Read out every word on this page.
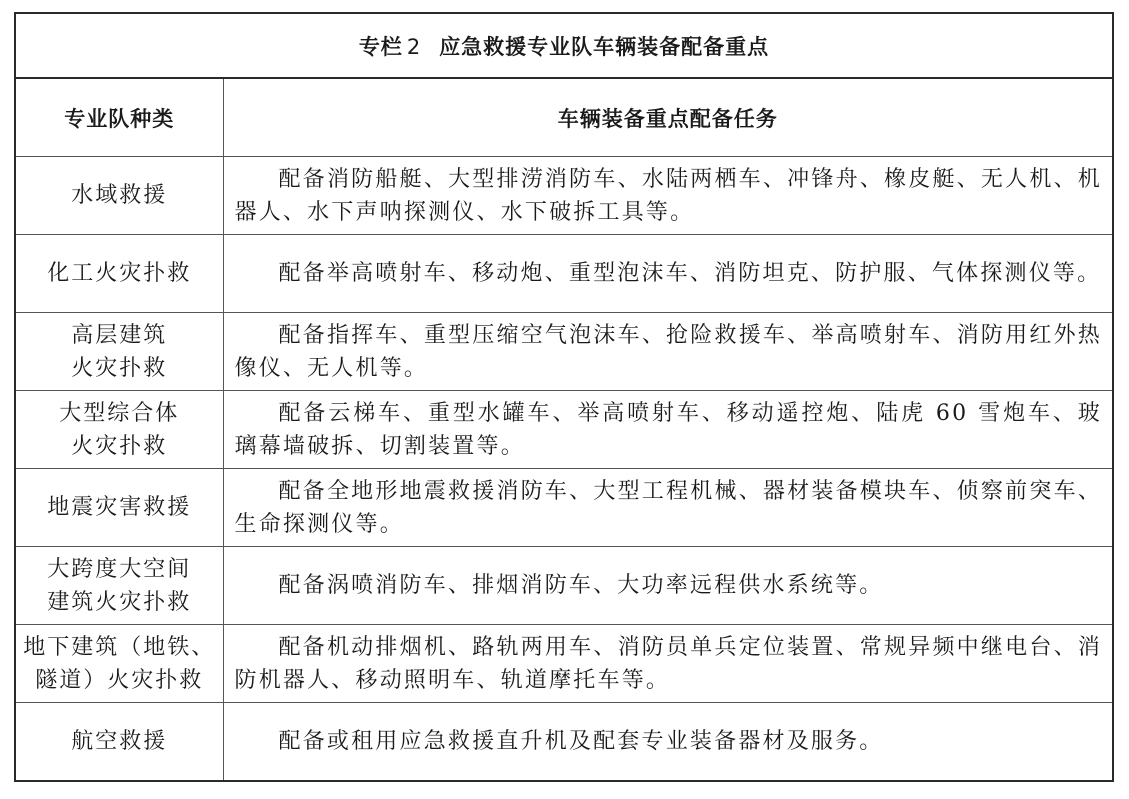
专栏 2 应急救援专业队车辆装备配备重点	
专业队种类	车辆装备重点配备任务

水域救援	配备消防船艇、大型排涝消防车、水陆两栖车、冲锋舟、橡皮艇、无人机、机器人、水下声呐探测仪、水下破拆工具等。

化工火灾扑救	配备举高喷射车、移动炮、重型泡沫车、消防坦克、防护服、气体探测仪等。

高层建筑
火灾扑救	配备指挥车、重型压缩空气泡沫车、抢险救援车、举高喷射车、消防用红外热像仪、无人机等。

大型综合体
火灾扑救	配备云梯车、重型水罐车、举高喷射车、移动遥控炮、陆虎 60 雪炮车、玻璃幕墙破拆、切割装置等。

地震灾害救援	配备全地形地震救援消防车、大型工程机械、器材装备模块车、侦察前突车、生命探测仪等。

大跨度大空间
建筑火灾扑救	配备涡喷消防车、排烟消防车、大功率远程供水系统等。

地下建筑（地铁、
隧道）火灾扑救	配备机动排烟机、路轨两用车、消防员单兵定位装置、常规异频中继电台、消防机器人、移动照明车、轨道摩托车等。

航空救援	配备或租用应急救援直升机及配套专业装备器材及服务。
